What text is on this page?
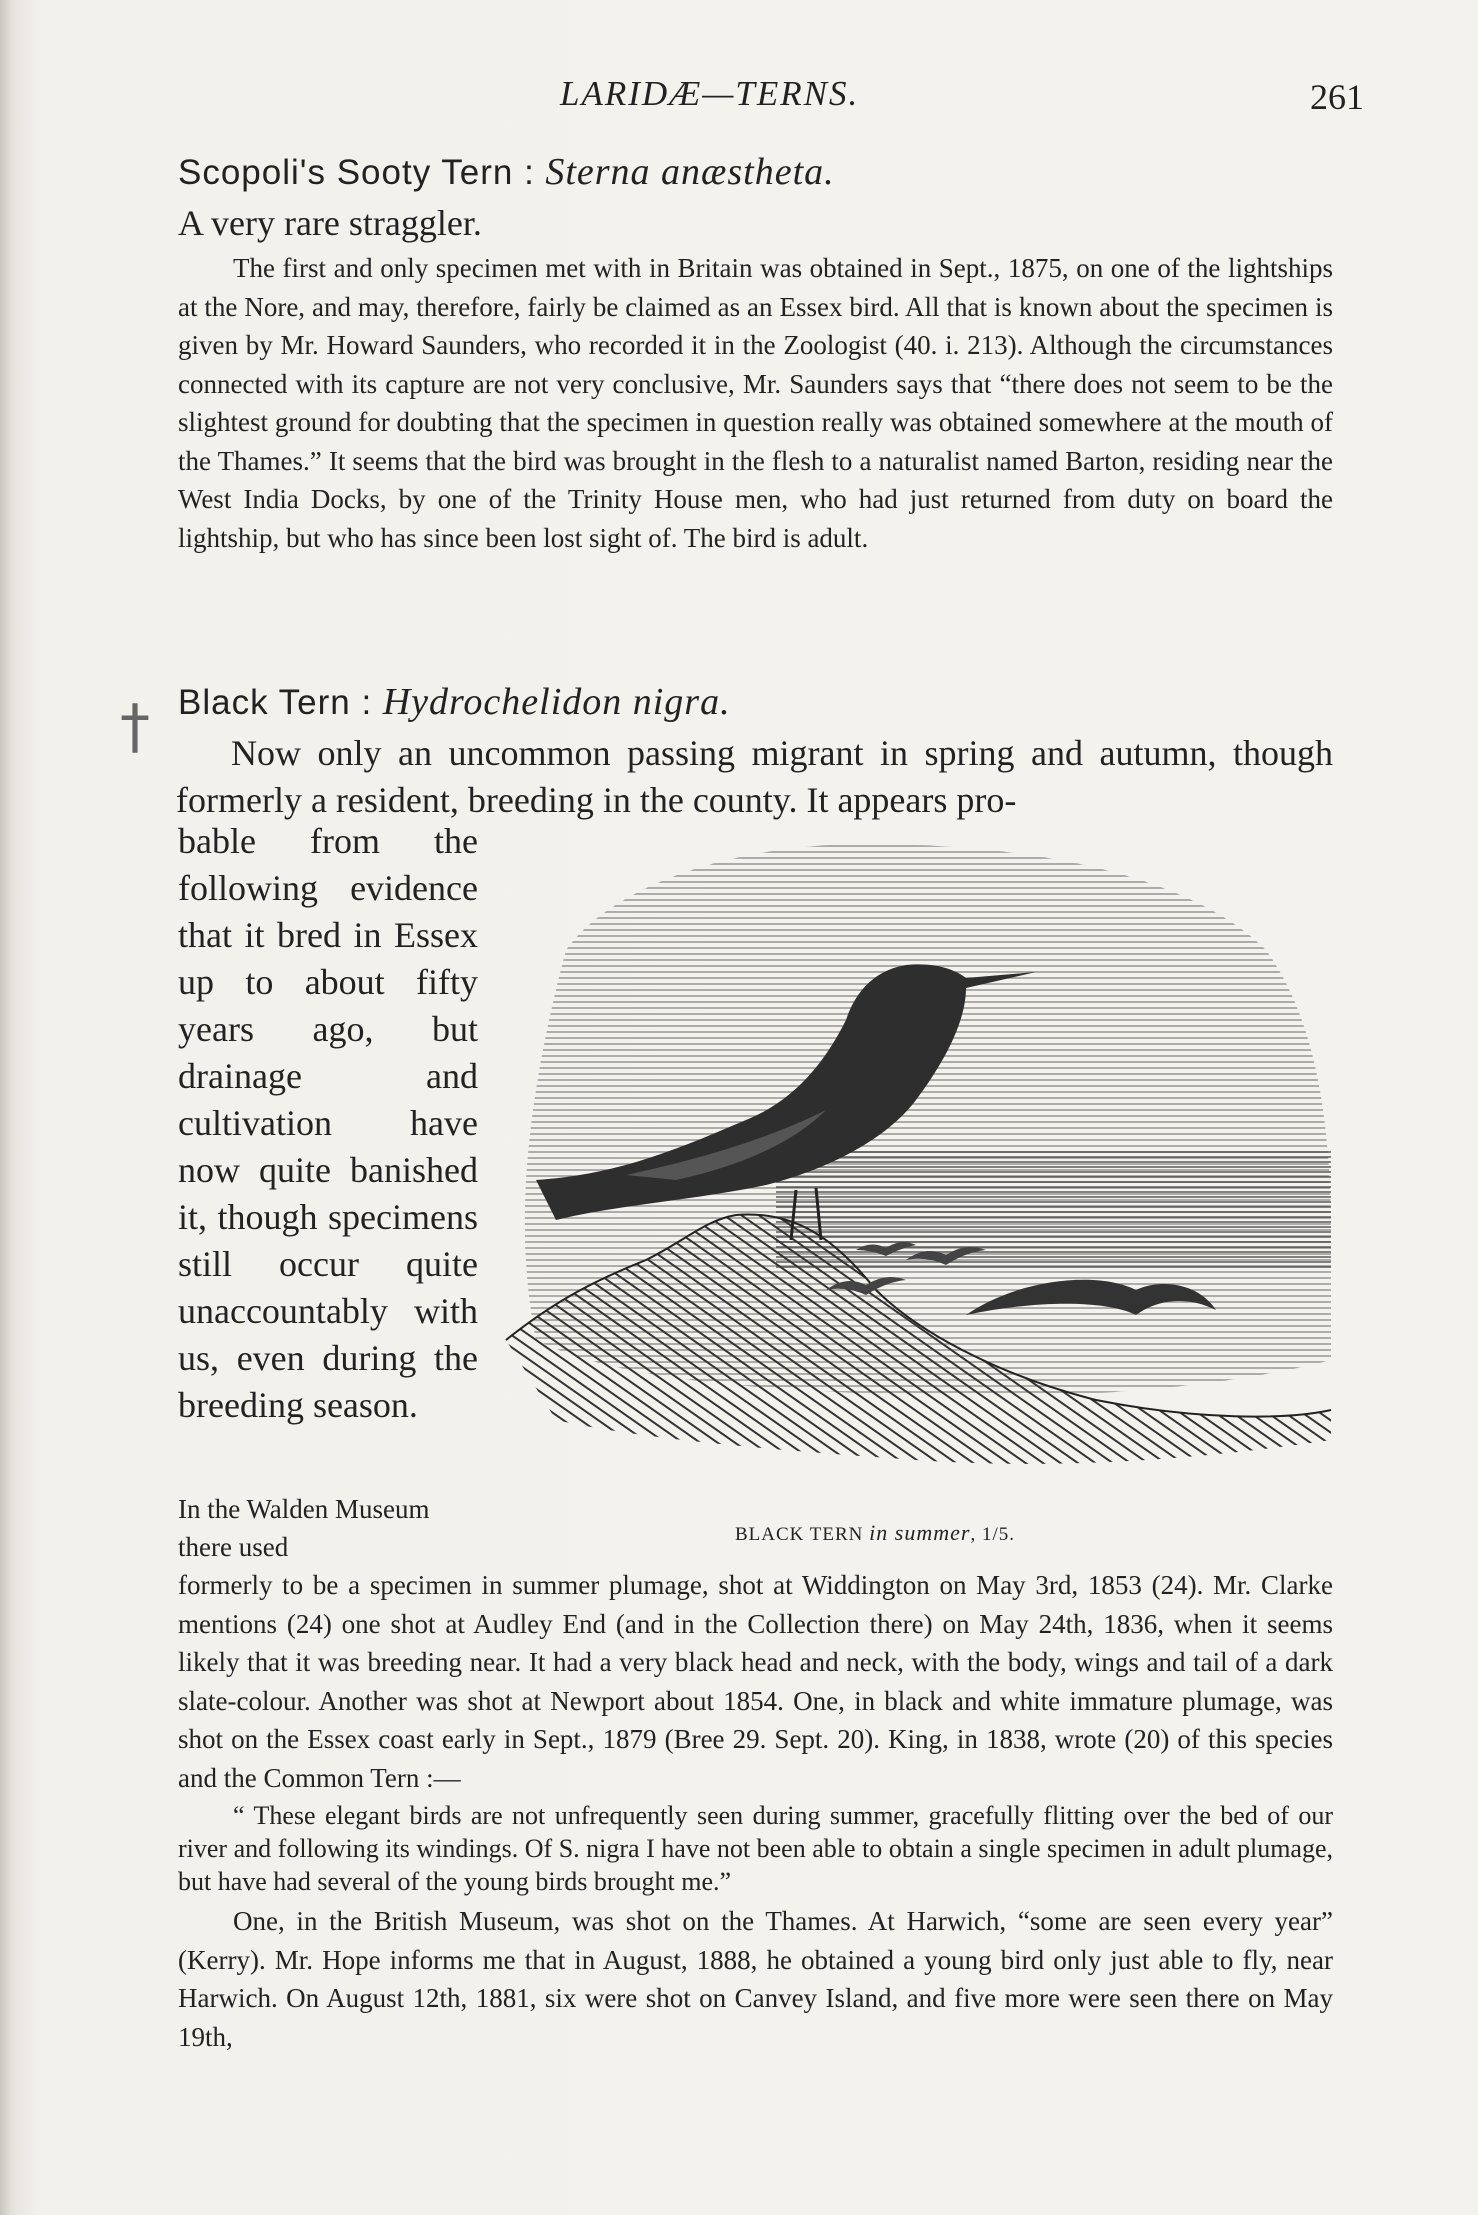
LARIDÆ—TERNS.	261
Scopoli's Sooty Tern : Sterna anæstheta.
A very rare straggler.
The first and only specimen met with in Britain was obtained in Sept., 1875, on one of the lightships at the Nore, and may, therefore, fairly be claimed as an Essex bird. All that is known about the specimen is given by Mr. Howard Saunders, who recorded it in the Zoologist (40. i. 213). Although the circumstances connected with its capture are not very conclusive, Mr. Saunders says that “there does not seem to be the slightest ground for doubting that the specimen in question really was obtained somewhere at the mouth of the Thames.” It seems that the bird was brought in the flesh to a naturalist named Barton, residing near the West India Docks, by one of the Trinity House men, who had just returned from duty on board the lightship, but who has since been lost sight of. The bird is adult.
† Black Tern : Hydrochelidon nigra.
Now only an uncommon passing migrant in spring and autumn, though formerly a resident, breeding in the county. It appears pro-
bable from the following evidence that it bred in Essex up to about fifty years ago, but drainage and cultivation have now quite banished it, though specimens still occur quite unaccountably with us, even during the breeding season.
BLACK TERN in summer, 1/5.
In the Walden Museum there used
formerly to be a specimen in summer plumage, shot at Widdington on May 3rd, 1853 (24). Mr. Clarke mentions (24) one shot at Audley End (and in the Collection there) on May 24th, 1836, when it seems likely that it was breeding near. It had a very black head and neck, with the body, wings and tail of a dark slate-colour. Another was shot at Newport about 1854. One, in black and white immature plumage, was shot on the Essex coast early in Sept., 1879 (Bree 29. Sept. 20). King, in 1838, wrote (20) of this species and the Common Tern :—
“ These elegant birds are not unfrequently seen during summer, gracefully flitting over the bed of our river and following its windings. Of S. nigra I have not been able to obtain a single specimen in adult plumage, but have had several of the young birds brought me.”
One, in the British Museum, was shot on the Thames. At Harwich, “some are seen every year” (Kerry). Mr. Hope informs me that in August, 1888, he obtained a young bird only just able to fly, near Harwich. On August 12th, 1881, six were shot on Canvey Island, and five more were seen there on May 19th,
